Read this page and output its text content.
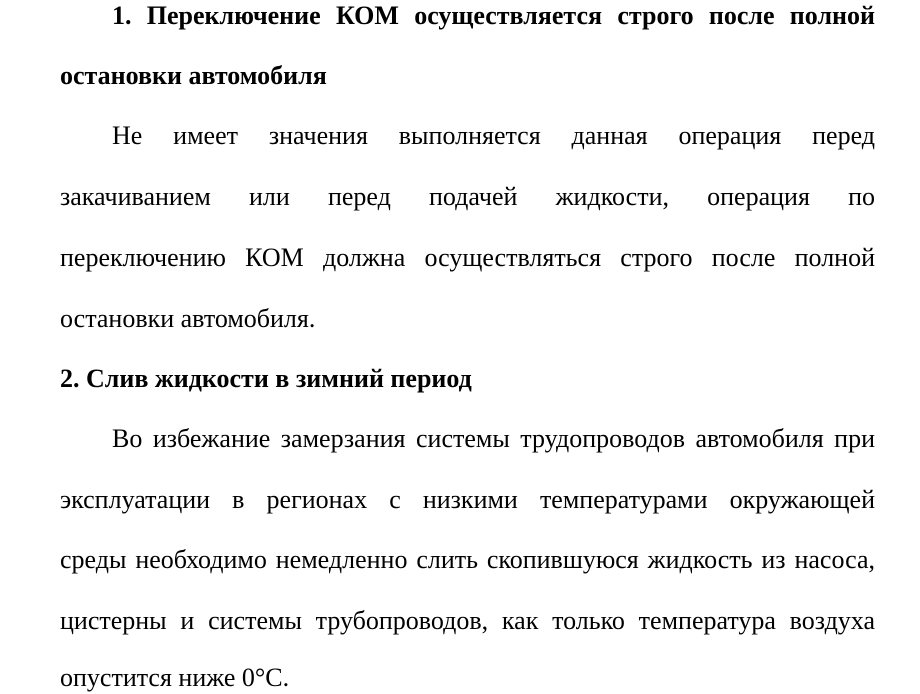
1. Переключение КОМ осуществляется строго после полной
остановки автомобиля
Не имеет значения выполняется данная операция перед
закачиванием или перед подачей жидкости, операция по
переключению КОМ должна осуществляться строго после полной
остановки автомобиля.
2. Слив жидкости в зимний период
Во избежание замерзания системы трудопроводов автомобиля при
эксплуатации в регионах с низкими температурами окружающей
среды необходимо немедленно слить скопившуюся жидкость из насоса,
цистерны и системы трубопроводов, как только температура воздуха
опустится ниже 0°C.
